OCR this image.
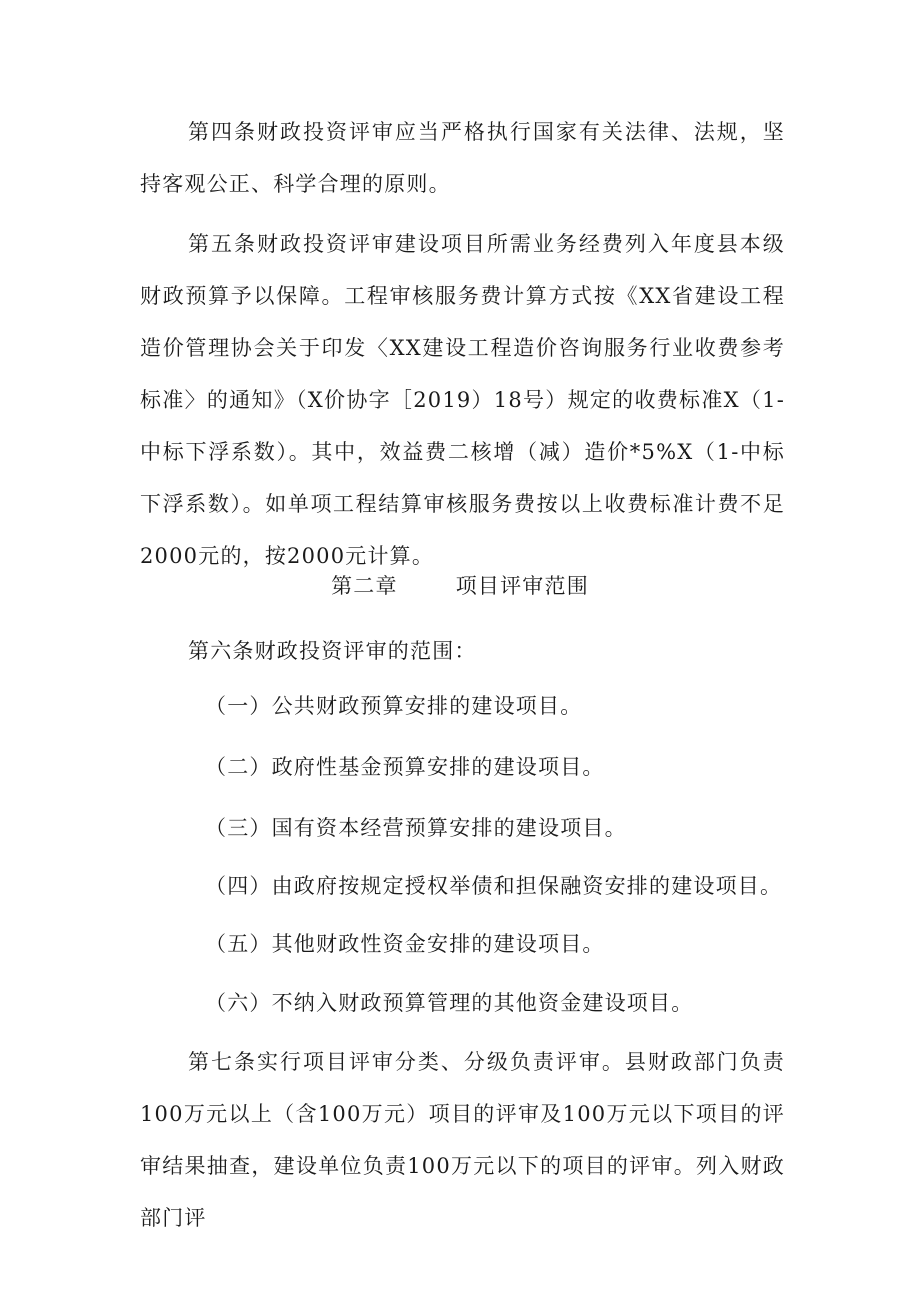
第四条财政投资评审应当严格执行国家有关法律、法规，坚持客观公正、科学合理的原则。

第五条财政投资评审建设项目所需业务经费列入年度县本级财政预算予以保障。工程审核服务费计算方式按《XX省建设工程造价管理协会关于印发〈XX建设工程造价咨询服务行业收费参考标准〉的通知》（X价协字［2019）18号）规定的收费标准X（1-中标下浮系数）。其中，效益费二核增（减）造价*5%X（1-中标下浮系数）。如单项工程结算审核服务费按以上收费标准计费不足2000元的，按2000元计算。

第二章	项目评审范围

第六条财政投资评审的范围：

（一）公共财政预算安排的建设项目。

（二）政府性基金预算安排的建设项目。

（三）国有资本经营预算安排的建设项目。

（四）由政府按规定授权举债和担保融资安排的建设项目。

（五）其他财政性资金安排的建设项目。

（六）不纳入财政预算管理的其他资金建设项目。

第七条实行项目评审分类、分级负责评审。县财政部门负责100万元以上（含100万元）项目的评审及100万元以下项目的评审结果抽查，建设单位负责100万元以下的项目的评审。列入财政部门评
